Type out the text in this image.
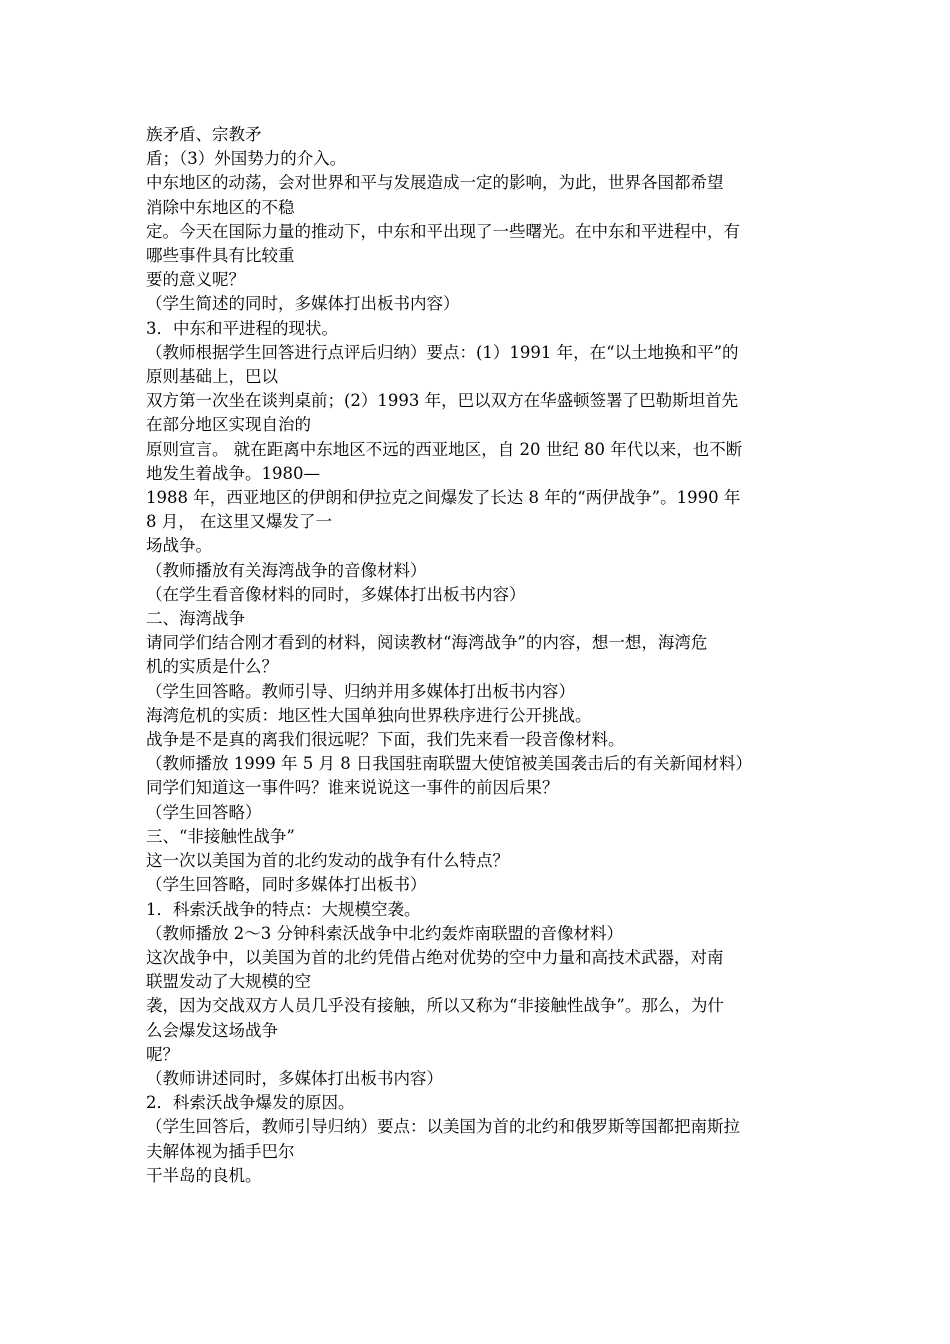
族矛盾、宗教矛
盾；（3）外国势力的介入。
中东地区的动荡，会对世界和平与发展造成一定的影响，为此，世界各国都希望
消除中东地区的不稳
定。今天在国际力量的推动下，中东和平出现了一些曙光。在中东和平进程中，有
哪些事件具有比较重
要的意义呢？
（学生简述的同时，多媒体打出板书内容）
3．中东和平进程的现状。
（教师根据学生回答进行点评后归纳）要点：(1）1991 年，在“以土地换和平”的
原则基础上，巴以
双方第一次坐在谈判桌前；(2）1993 年，巴以双方在华盛顿签署了巴勒斯坦首先
在部分地区实现自治的
原则宣言。 就在距离中东地区不远的西亚地区，自 20 世纪 80 年代以来，也不断
地发生着战争。1980—
1988 年，西亚地区的伊朗和伊拉克之间爆发了长达 8 年的“两伊战争”。1990 年
8 月， 在这里又爆发了一
场战争。
（教师播放有关海湾战争的音像材料）
（在学生看音像材料的同时，多媒体打出板书内容）
二、海湾战争
请同学们结合刚才看到的材料，阅读教材“海湾战争”的内容，想一想，海湾危
机的实质是什么？
（学生回答略。教师引导、归纳并用多媒体打出板书内容）
海湾危机的实质：地区性大国单独向世界秩序进行公开挑战。
战争是不是真的离我们很远呢？下面，我们先来看一段音像材料。
（教师播放 1999 年 5 月 8 日我国驻南联盟大使馆被美国袭击后的有关新闻材料）
同学们知道这一事件吗？谁来说说这一事件的前因后果？
（学生回答略）
三、“非接触性战争”
这一次以美国为首的北约发动的战争有什么特点？
（学生回答略，同时多媒体打出板书）
1．科索沃战争的特点：大规模空袭。
（教师播放 2～3 分钟科索沃战争中北约轰炸南联盟的音像材料）
这次战争中，以美国为首的北约凭借占绝对优势的空中力量和高技术武器，对南
联盟发动了大规模的空
袭，因为交战双方人员几乎没有接触，所以又称为“非接触性战争”。那么，为什
么会爆发这场战争
呢？
（教师讲述同时，多媒体打出板书内容）
2．科索沃战争爆发的原因。
（学生回答后，教师引导归纳）要点：以美国为首的北约和俄罗斯等国都把南斯拉
夫解体视为插手巴尔
干半岛的良机。
